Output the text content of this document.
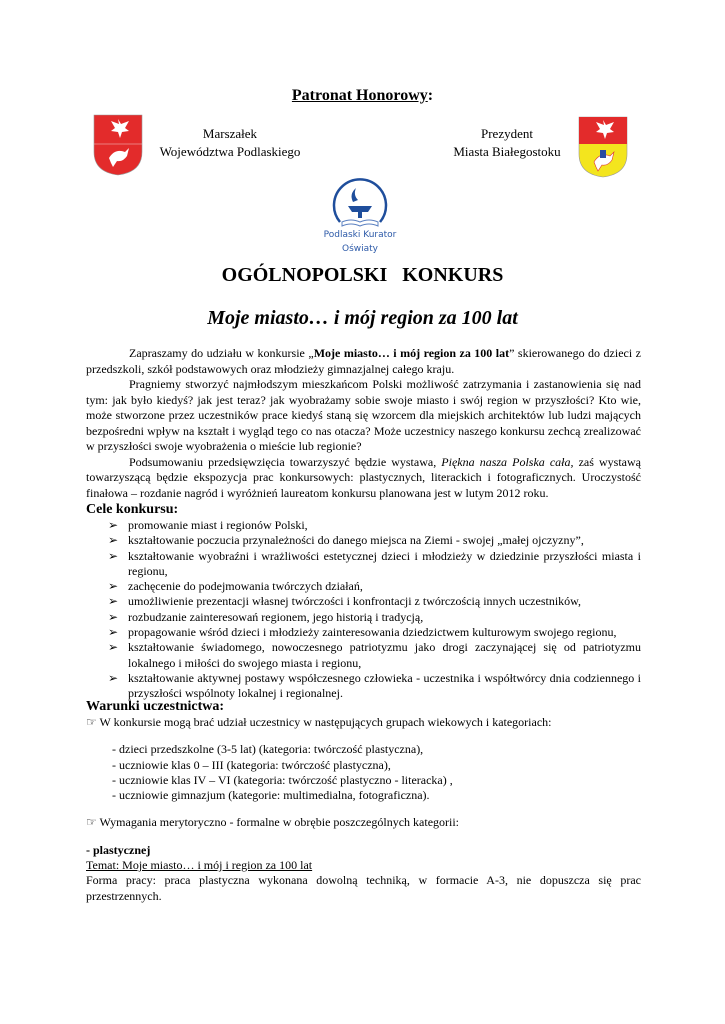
Patronat Honorowy:
Marszałek
Województwa Podlaskiego
Prezydent
Miasta Białegostoku
Podlaski Kurator
Oświaty
OGÓLNOPOLSKI   KONKURS
Moje miasto… i mój region za 100 lat

Zapraszamy do udziału w konkursie „Moje miasto… i mój region za 100 lat” skierowanego do dzieci z przedszkoli, szkół podstawowych oraz młodzieży gimnazjalnej całego kraju.

Pragniemy stworzyć najmłodszym mieszkańcom Polski możliwość zatrzymania i zastanowienia się nad tym: jak było kiedyś? jak jest teraz? jak wyobrażamy sobie swoje miasto i swój region w przyszłości? Kto wie, może stworzone przez uczestników prace kiedyś staną się wzorcem dla miejskich architektów lub ludzi mających bezpośredni wpływ na kształt i wygląd tego co nas otacza? Może uczestnicy naszego konkursu zechcą zrealizować w przyszłości swoje wyobrażenia o mieście lub regionie?

Podsumowaniu przedsięwzięcia towarzyszyć będzie wystawa, Piękna nasza Polska cała, zaś wystawą towarzyszącą będzie ekspozycja prac konkursowych: plastycznych, literackich i fotograficznych. Uroczystość finałowa – rozdanie nagród i wyróżnień laureatom konkursu planowana jest w lutym 2012 roku.

Cele konkursu:
➢ promowanie miast i regionów Polski,
➢ kształtowanie poczucia przynależności do danego miejsca na Ziemi - swojej „małej ojczyzny”,
➢ kształtowanie wyobraźni i wrażliwości estetycznej dzieci i młodzieży w dziedzinie przyszłości miasta i regionu,
➢ zachęcenie do podejmowania twórczych działań,
➢ umożliwienie prezentacji własnej twórczości i konfrontacji z twórczością innych uczestników,
➢ rozbudzanie zainteresowań regionem, jego historią i tradycją,
➢ propagowanie wśród dzieci i młodzieży zainteresowania dziedzictwem kulturowym swojego regionu,
➢ kształtowanie świadomego, nowoczesnego patriotyzmu jako drogi zaczynającej się od patriotyzmu lokalnego i miłości do swojego miasta i regionu,
➢ kształtowanie aktywnej postawy współczesnego człowieka - uczestnika i współtwórcy dnia codziennego i przyszłości wspólnoty lokalnej i regionalnej.
Warunki uczestnictwa:
☞ W konkursie mogą brać udział uczestnicy w następujących grupach wiekowych i kategoriach:
- dzieci przedszkolne (3-5 lat) (kategoria: twórczość plastyczna),
- uczniowie klas 0 – III (kategoria: twórczość plastyczna),
- uczniowie klas IV – VI (kategoria: twórczość plastyczno - literacka) ,
- uczniowie gimnazjum (kategorie: multimedialna, fotograficzna).
☞ Wymagania merytoryczno - formalne w obrębie poszczególnych kategorii:
- plastycznej
Temat: Moje miasto… i mój i region za 100 lat
Forma pracy: praca plastyczna wykonana dowolną techniką, w formacie A-3, nie dopuszcza się prac przestrzennych.
